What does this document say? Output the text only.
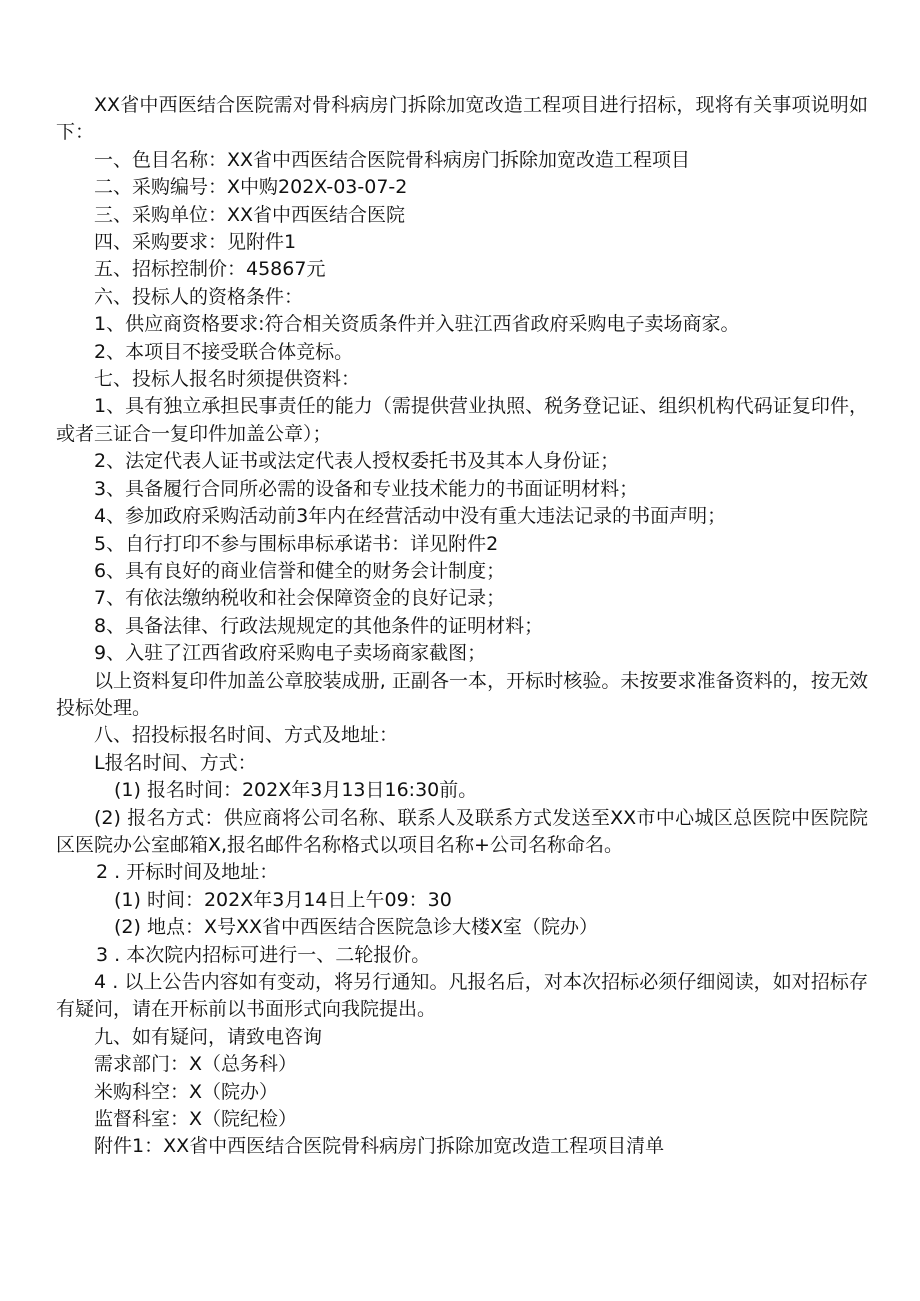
XX省中西医结合医院需对骨科病房门拆除加宽改造工程项目进行招标，现将有关事项说明如下：

一、色目名称：XX省中西医结合医院骨科病房门拆除加宽改造工程项目

二、采购编号：X中购202X-03-07-2

三、采购单位：XX省中西医结合医院

四、采购要求：见附件1

五、招标控制价：45867元

六、投标人的资格条件：

1、供应商资格要求:符合相关资质条件并入驻江西省政府采购电子卖场商家。

2、本项目不接受联合体竞标。

七、投标人报名时须提供资料：

1、具有独立承担民事责任的能力（需提供营业执照、税务登记证、组织机构代码证复印件，或者三证合一复印件加盖公章）；

2、法定代表人证书或法定代表人授权委托书及其本人身份证；

3、具备履行合同所必需的设备和专业技术能力的书面证明材料；

4、参加政府采购活动前3年内在经营活动中没有重大违法记录的书面声明；

5、自行打印不参与围标串标承诺书：详见附件2

6、具有良好的商业信誉和健全的财务会计制度；

7、有依法缴纳税收和社会保障资金的良好记录；

8、具备法律、行政法规规定的其他条件的证明材料；

9、入驻了江西省政府采购电子卖场商家截图；

以上资料复印件加盖公章胶装成册, 正副各一本，开标时核验。未按要求准备资料的，按无效投标处理。

八、招投标报名时间、方式及地址：

L报名时间、方式：

(1) 报名时间：202X年3月13日16:30前。

(2) 报名方式：供应商将公司名称、联系人及联系方式发送至XX市中心城区总医院中医院院区医院办公室邮箱X,报名邮件名称格式以项目名称+公司名称命名。

2 . 开标时间及地址：

(1) 时间：202X年3月14日上午09：30

(2) 地点：X号XX省中西医结合医院急诊大楼X室（院办）

3 . 本次院内招标可进行一、二轮报价。

4 . 以上公告内容如有变动，将另行通知。凡报名后，对本次招标必须仔细阅读，如对招标存有疑问，请在开标前以书面形式向我院提出。

九、如有疑问，请致电咨询

需求部门：X（总务科）

米购科空：X（院办）

监督科室：X（院纪检）

附件1：XX省中西医结合医院骨科病房门拆除加宽改造工程项目清单
